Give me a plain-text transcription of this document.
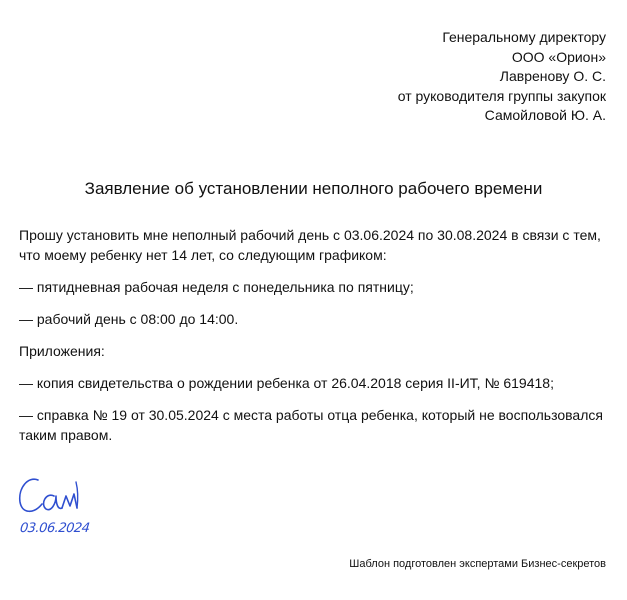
Генеральному директору
ООО «Орион»
Лавренову О. С.
от руководителя группы закупок
Самойловой Ю. А.
Заявление об установлении неполного рабочего времени

Прошу установить мне неполный рабочий день с 03.06.2024 по 30.08.2024 в связи с тем, что моему ребенку нет 14 лет, со следующим графиком:

— пятидневная рабочая неделя с понедельника по пятницу;

— рабочий день с 08:00 до 14:00.

Приложения:

— копия свидетельства о рождении ребенка от 26.04.2018 серия II-ИТ, № 619418;

— справка № 19 от 30.05.2024 с места работы отца ребенка, который не воспользовался таким правом.

03.06.2024
Шаблон подготовлен экспертами Бизнес-секретов
